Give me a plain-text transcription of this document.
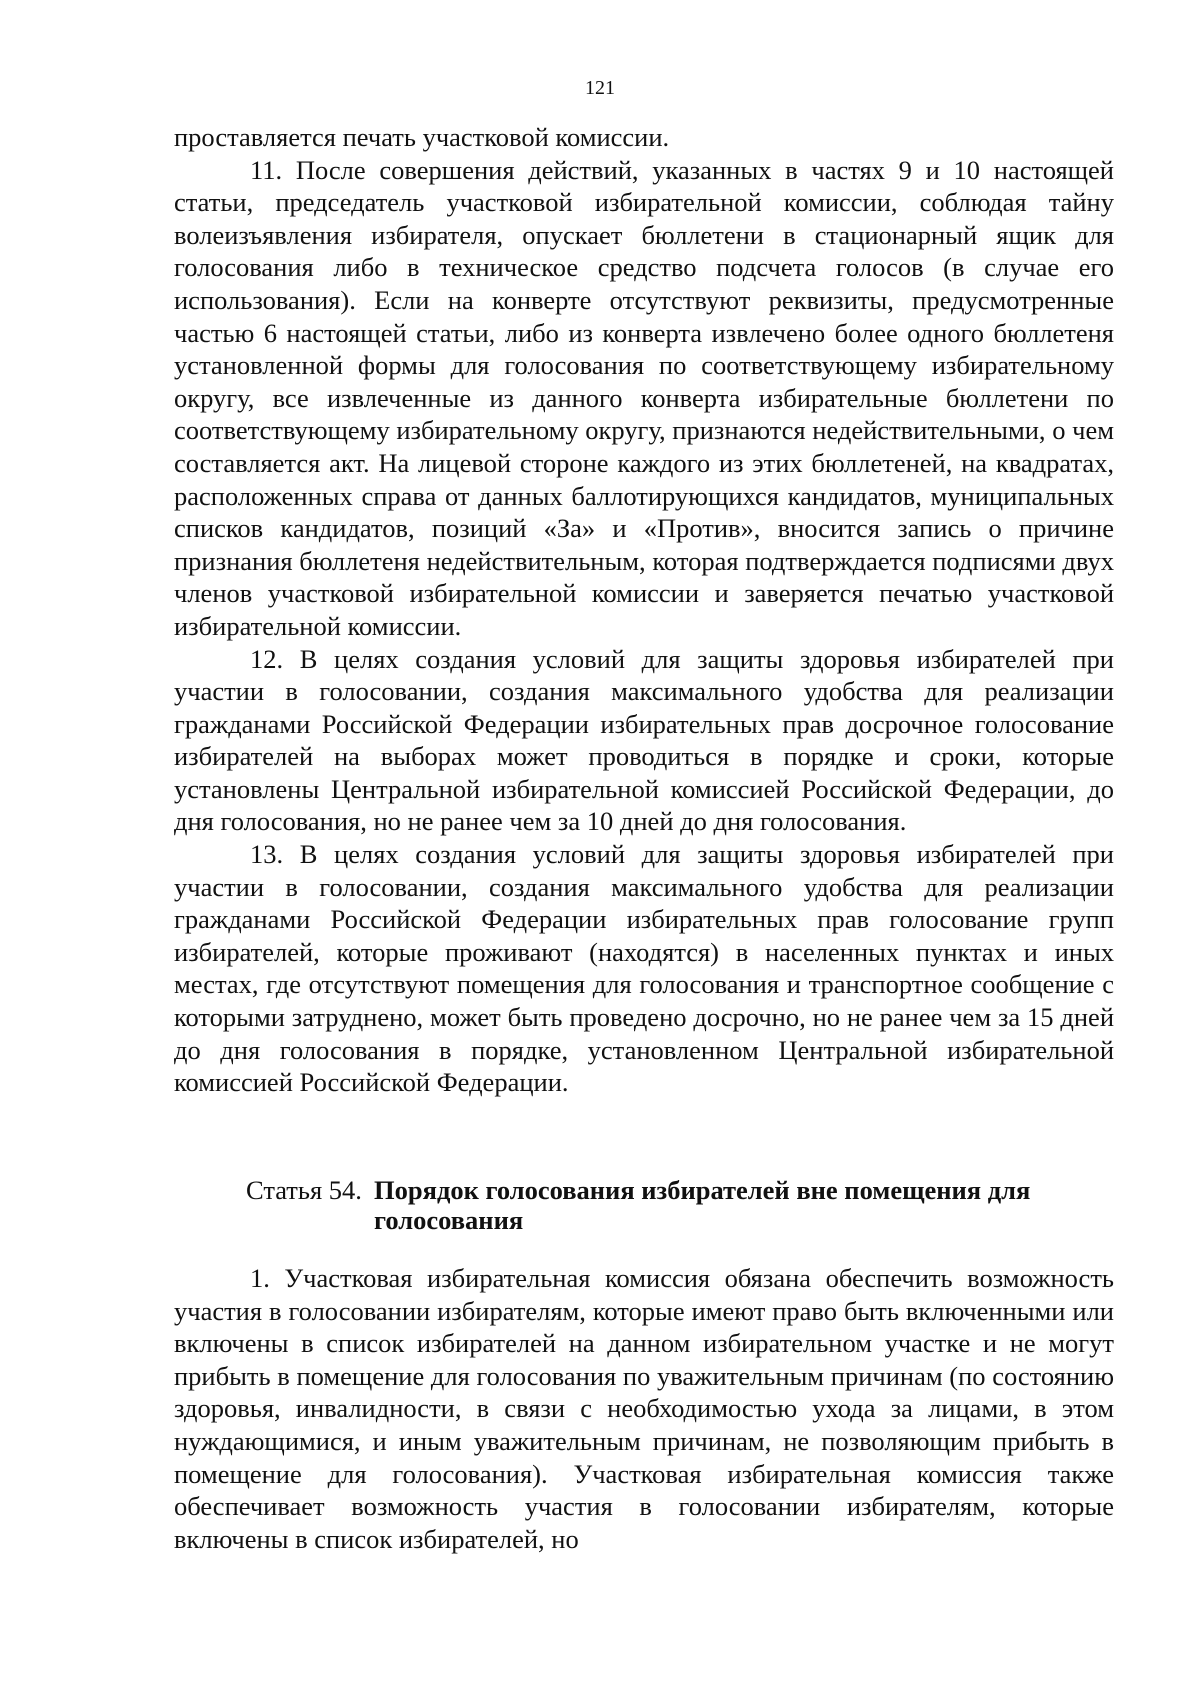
121

проставляется печать участковой комиссии.

11. После совершения действий, указанных в частях 9 и 10 настоящей статьи, председатель участковой избирательной комиссии, соблюдая тайну волеизъявления избирателя, опускает бюллетени в стационарный ящик для голосования либо в техническое средство подсчета голосов (в случае его использования). Если на конверте отсутствуют реквизиты, предусмотренные частью 6 настоящей статьи, либо из конверта извлечено более одного бюллетеня установленной формы для голосования по соответствующему избирательному округу, все извлеченные из данного конверта избирательные бюллетени по соответствующему избирательному округу, признаются недействительными, о чем составляется акт. На лицевой стороне каждого из этих бюллетеней, на квадратах, расположенных справа от данных баллотирующихся кандидатов, муниципальных списков кандидатов, позиций «За» и «Против», вносится запись о причине признания бюллетеня недействительным, которая подтверждается подписями двух членов участковой избирательной комиссии и заверяется печатью участковой избирательной комиссии.

12. В целях создания условий для защиты здоровья избирателей при участии в голосовании, создания максимального удобства для реализации гражданами Российской Федерации избирательных прав досрочное голосование избирателей на выборах может проводиться в порядке и сроки, которые установлены Центральной избирательной комиссией Российской Федерации, до дня голосования, но не ранее чем за 10 дней до дня голосования.

13. В целях создания условий для защиты здоровья избирателей при участии в голосовании, создания максимального удобства для реализации гражданами Российской Федерации избирательных прав голосование групп избирателей, которые проживают (находятся) в населенных пунктах и иных местах, где отсутствуют помещения для голосования и транспортное сообщение с которыми затруднено, может быть проведено досрочно, но не ранее чем за 15 дней до дня голосования в порядке, установленном Центральной избирательной комиссией Российской Федерации.

Статья 54. Порядок голосования избирателей вне помещения для голосования

1. Участковая избирательная комиссия обязана обеспечить возможность участия в голосовании избирателям, которые имеют право быть включенными или включены в список избирателей на данном избирательном участке и не могут прибыть в помещение для голосования по уважительным причинам (по состоянию здоровья, инвалидности, в связи с необходимостью ухода за лицами, в этом нуждающимися, и иным уважительным причинам, не позволяющим прибыть в помещение для голосования). Участковая избирательная комиссия также обеспечивает возможность участия в голосовании избирателям, которые включены в список избирателей, но
